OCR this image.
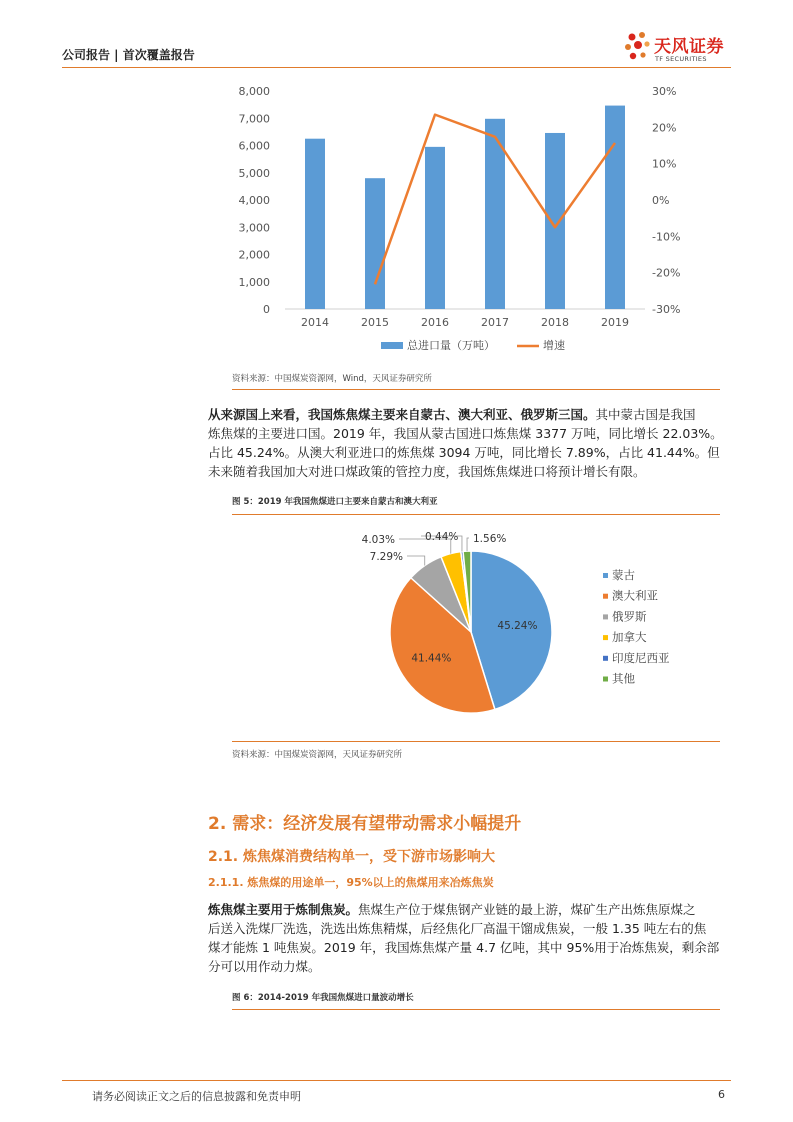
公司报告 | 首次覆盖报告	天风证券
TF SECURITIES
0
1,000
2,000
3,000
4,000
5,000
6,000
7,000
8,000
-30%
-20%
-10%
0%
10%
20%
30%
2014	2015	2016	2017	2018	2019
总进口量（万吨）	增速
资料来源：中国煤炭资源网，Wind，天风证券研究所
从来源国上来看，我国炼焦煤主要来自蒙古、澳大利亚、俄罗斯三国。其中蒙古国是我国
炼焦煤的主要进口国。2019 年，我国从蒙古国进口炼焦煤 3377 万吨，同比增长 22.03%。
占比 45.24%。从澳大利亚进口的炼焦煤 3094 万吨，同比增长 7.89%，占比 41.44%。但
未来随着我国加大对进口煤政策的管控力度，我国炼焦煤进口将预计增长有限。
图 5：2019 年我国焦煤进口主要来自蒙古和澳大利亚
45.24%
41.44%
7.29%
4.03%	0.44% 1.56%
蒙古
澳大利亚
俄罗斯
加拿大
印度尼西亚
其他
资料来源：中国煤炭资源网，天风证券研究所
2. 需求：经济发展有望带动需求小幅提升
2.1. 炼焦煤消费结构单一，受下游市场影响大
2.1.1. 炼焦煤的用途单一，95%以上的焦煤用来冶炼焦炭
炼焦煤主要用于炼制焦炭。焦煤生产位于煤焦钢产业链的最上游，煤矿生产出炼焦原煤之
后送入洗煤厂洗选，洗选出炼焦精煤，后经焦化厂高温干馏成焦炭，一般 1.35 吨左右的焦
煤才能炼 1 吨焦炭。2019 年，我国炼焦煤产量 4.7 亿吨，其中 95%用于冶炼焦炭，剩余部
分可以用作动力煤。
图 6：2014-2019 年我国焦煤进口量波动增长
请务必阅读正文之后的信息披露和免责申明	6
